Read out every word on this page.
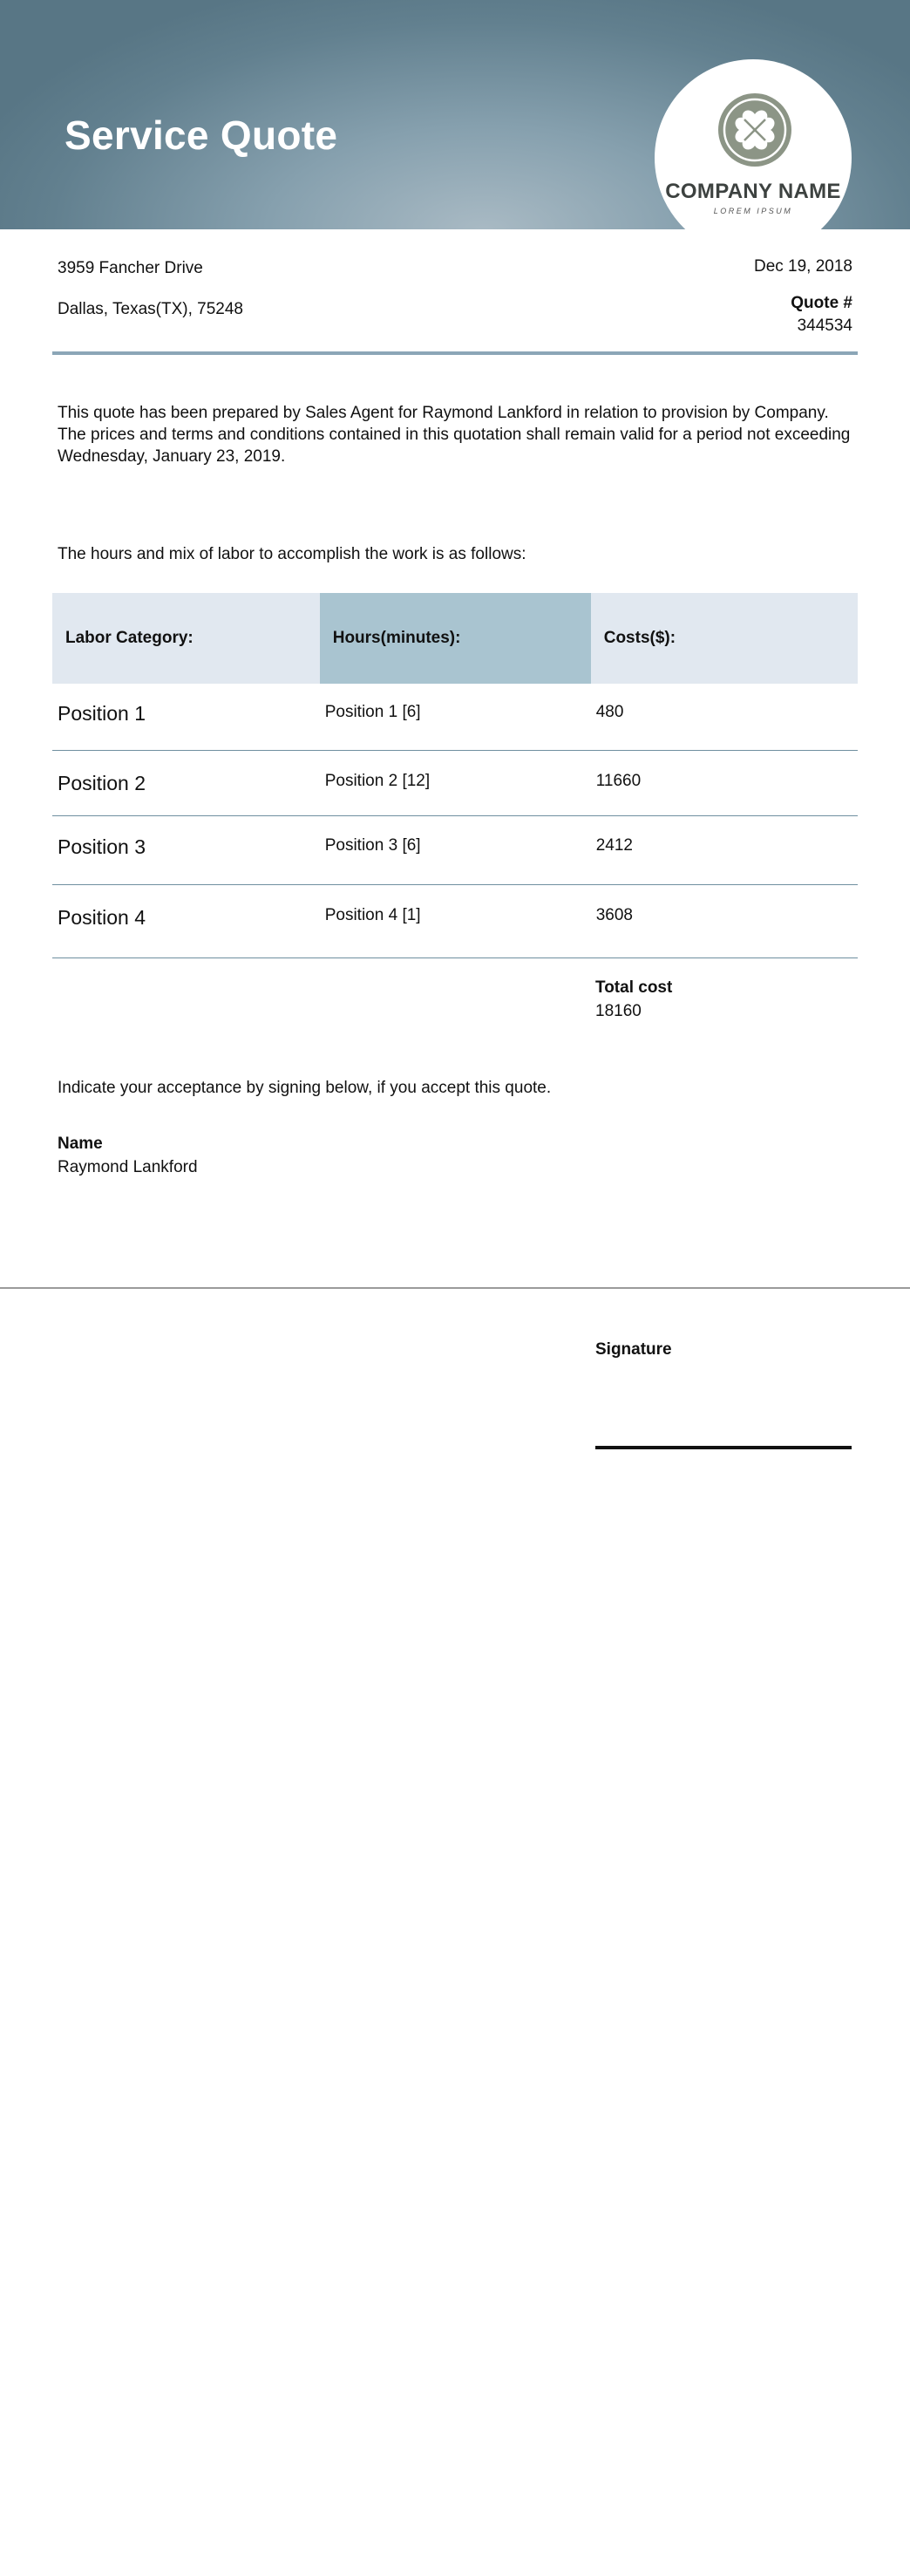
Service Quote
COMPANY NAME
LOREM IPSUM

3959 Fancher Drive

Dallas, Texas(TX), 75248

Dec 19, 2018

Quote #

344534

This quote has been prepared by Sales Agent for Raymond Lankford in relation to provision by Company. The prices and terms and conditions contained in this quotation shall remain valid for a period not exceeding Wednesday, January 23, 2019.

The hours and mix of labor to accomplish the work is as follows:

Labor Category:	Hours(minutes):	Costs($):
Position 1	Position 1 [6]	480
Position 2	Position 2 [12]	11660
Position 3	Position 3 [6]	2412
Position 4	Position 4 [1]	3608

Total cost

18160

Indicate your acceptance by signing below, if you accept this quote.

Name

Raymond Lankford

Signature
